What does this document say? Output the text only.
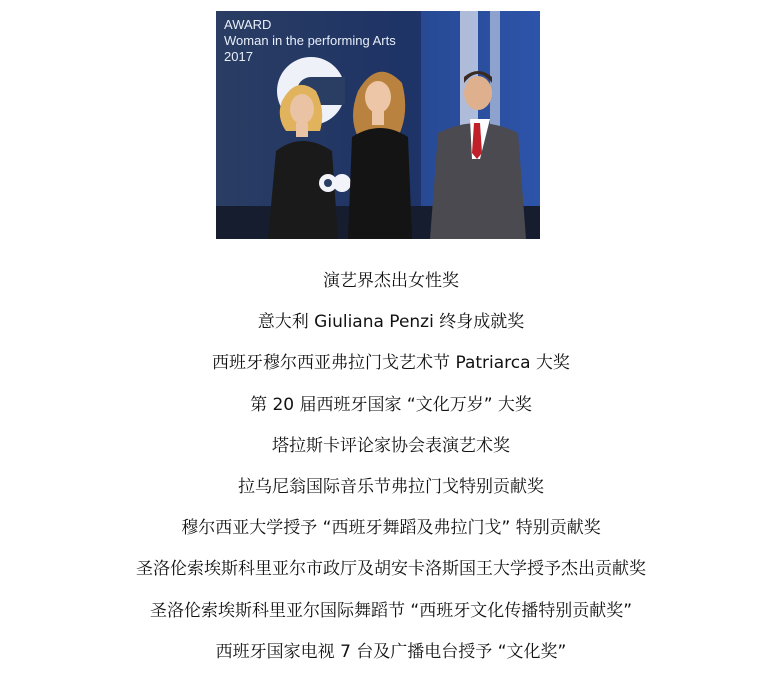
AWARD
Woman in the performing Arts
2017
演艺界杰出女性奖
意大利 Giuliana Penzi 终身成就奖
西班牙穆尔西亚弗拉门戈艺术节 Patriarca 大奖
第 20 届西班牙国家 “文化万岁” 大奖
塔拉斯卡评论家协会表演艺术奖
拉乌尼翁国际音乐节弗拉门戈特别贡献奖
穆尔西亚大学授予 “西班牙舞蹈及弗拉门戈” 特别贡献奖
圣洛伦索埃斯科里亚尔市政厅及胡安卡洛斯国王大学授予杰出贡献奖
圣洛伦索埃斯科里亚尔国际舞蹈节 “西班牙文化传播特别贡献奖”
西班牙国家电视 7 台及广播电台授予 “文化奖”
